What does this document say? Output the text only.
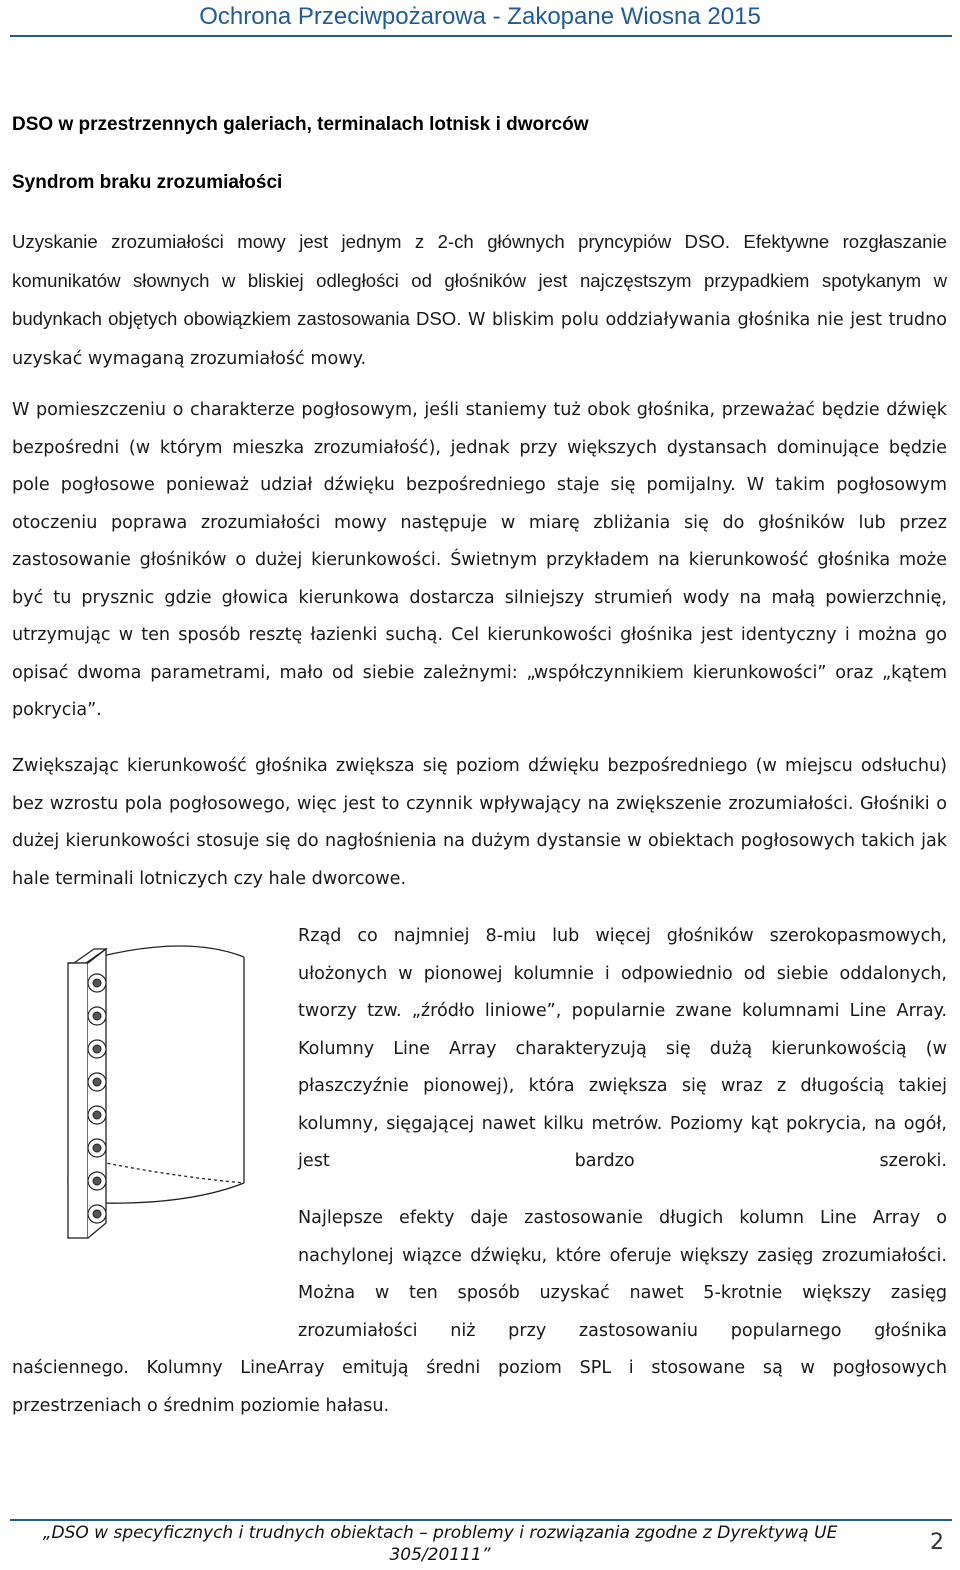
Ochrona Przeciwpożarowa - Zakopane Wiosna 2015
DSO w przestrzennych galeriach, terminalach lotnisk i dworców
Syndrom braku zrozumiałości
Uzyskanie zrozumiałości mowy jest jednym z 2-ch głównych pryncypiów DSO. Efektywne rozgłaszanie komunikatów słownych w bliskiej odległości od głośników jest najczęstszym przypadkiem spotykanym w budynkach objętych obowiązkiem zastosowania DSO. W bliskim polu oddziaływania głośnika nie jest trudno uzyskać wymaganą zrozumiałość mowy.
W pomieszczeniu o charakterze pogłosowym, jeśli staniemy tuż obok głośnika, przeważać będzie dźwięk bezpośredni (w którym mieszka zrozumiałość), jednak przy większych dystansach dominujące będzie pole pogłosowe ponieważ udział dźwięku bezpośredniego staje się pomijalny. W takim pogłosowym otoczeniu poprawa zrozumiałości mowy następuje w miarę zbliżania się do głośników lub przez zastosowanie głośników o dużej kierunkowości. Świetnym przykładem na kierunkowość głośnika może być tu prysznic gdzie głowica kierunkowa dostarcza silniejszy strumień wody na małą powierzchnię, utrzymując w ten sposób resztę łazienki suchą. Cel kierunkowości głośnika jest identyczny i można go opisać dwoma parametrami, mało od siebie zależnymi: „współczynnikiem kierunkowości” oraz „kątem pokrycia”.
Zwiększając kierunkowość głośnika zwiększa się poziom dźwięku bezpośredniego (w miejscu odsłuchu) bez wzrostu pola pogłosowego, więc jest to czynnik wpływający na zwiększenie zrozumiałości. Głośniki o dużej kierunkowości stosuje się do nagłośnienia na dużym dystansie w obiektach pogłosowych takich jak hale terminali lotniczych czy hale dworcowe.
Rząd co najmniej 8-miu lub więcej głośników szerokopasmowych, ułożonych w pionowej kolumnie i odpowiednio od siebie oddalonych, tworzy tzw. „źródło liniowe”, popularnie zwane kolumnami Line Array. Kolumny Line Array charakteryzują się dużą kierunkowością (w płaszczyźnie pionowej), która zwiększa się wraz z długością takiej kolumny, sięgającej nawet kilku metrów. Poziomy kąt pokrycia, na ogół, jest bardzo szeroki.
Najlepsze efekty daje zastosowanie długich kolumn Line Array o nachylonej wiązce dźwięku, które oferuje większy zasięg zrozumiałości. Można w ten sposób uzyskać nawet 5-krotnie większy zasięg zrozumiałości niż przy zastosowaniu popularnego głośnika
naściennego. Kolumny LineArray emitują średni poziom SPL i stosowane są w pogłosowych przestrzeniach o średnim poziomie hałasu.
„DSO w specyficznych i trudnych obiektach – problemy i rozwiązania zgodne z Dyrektywą UE
305/20111”	2
